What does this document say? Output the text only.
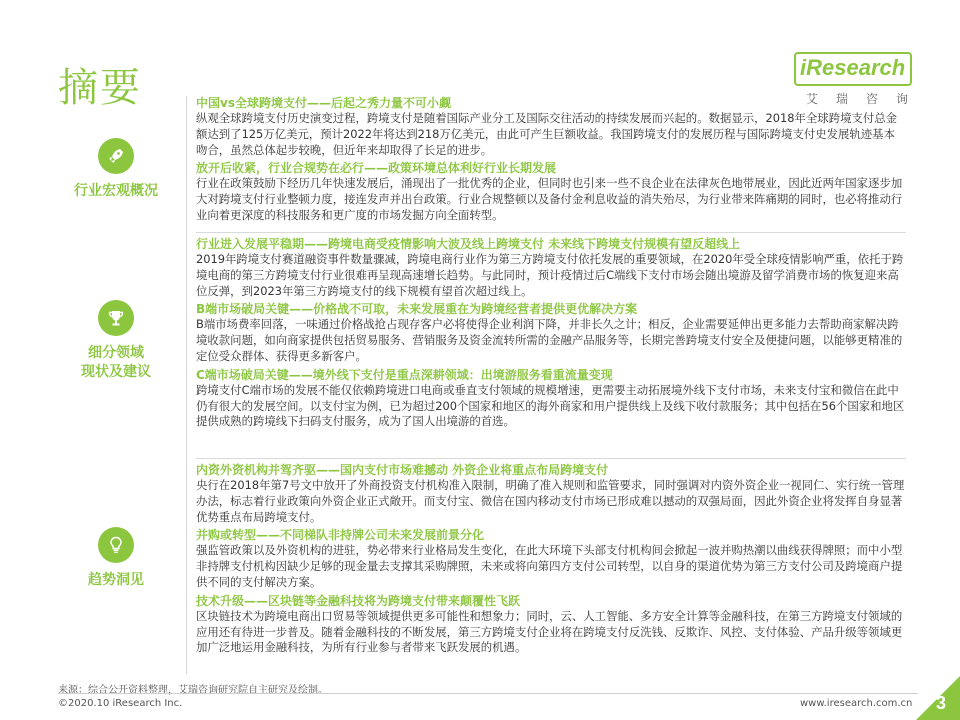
摘要	iResearch
艾瑞咨询
行业宏观概况
中国vs全球跨境支付——后起之秀力量不可小觑
纵观全球跨境支付历史演变过程，跨境支付是随着国际产业分工及国际交往活动的持续发展而兴起的。数据显示，2018年全球跨境支付总金额达到了125万亿美元，预计2022年将达到218万亿美元，由此可产生巨额收益。我国跨境支付的发展历程与国际跨境支付史发展轨迹基本吻合，虽然总体起步较晚，但近年来却取得了长足的进步。
放开后收紧，行业合规势在必行——政策环境总体利好行业长期发展
行业在政策鼓励下经历几年快速发展后，涌现出了一批优秀的企业，但同时也引来一些不良企业在法律灰色地带展业，因此近两年国家逐步加大对跨境支付行业整顿力度，接连发声并出台政策。行业合规整顿以及备付金利息收益的消失殆尽，为行业带来阵痛期的同时，也必将推动行业向着更深度的科技服务和更广度的市场发掘方向全面转型。
细分领域
现状及建议
行业进入发展平稳期——跨境电商受疫情影响大波及线上跨境支付 未来线下跨境支付规模有望反超线上
2019年跨境支付赛道融资事件数量骤减，跨境电商行业作为第三方跨境支付依托发展的重要领域，在2020年受全球疫情影响严重，依托于跨境电商的第三方跨境支付行业很难再呈现高速增长趋势。与此同时，预计疫情过后C端线下支付市场会随出境游及留学消费市场的恢复迎来高位反弹，到2023年第三方跨境支付的线下规模有望首次超过线上。
B端市场破局关键——价格战不可取，未来发展重在为跨境经营者提供更优解决方案
B端市场费率回落，一味通过价格战抢占现存客户必将使得企业利润下降，并非长久之计；相反，企业需要延伸出更多能力去帮助商家解决跨境收款问题，如向商家提供包括贸易服务、营销服务及资金流转所需的金融产品服务等，长期完善跨境支付安全及便捷问题，以能够更精准的定位受众群体、获得更多新客户。
C端市场破局关键——境外线下支付是重点深耕领域：出境游服务看重流量变现
跨境支付C端市场的发展不能仅依赖跨境进口电商或垂直支付领域的规模增速，更需要主动拓展境外线下支付市场，未来支付宝和微信在此中仍有很大的发展空间。以支付宝为例，已为超过200个国家和地区的海外商家和用户提供线上及线下收付款服务；其中包括在56个国家和地区提供成熟的跨境线下扫码支付服务，成为了国人出境游的首选。
趋势洞见
内资外资机构并驾齐驱——国内支付市场难撼动 外资企业将重点布局跨境支付
央行在2018年第7号文中放开了外商投资支付机构准入限制，明确了准入规则和监管要求，同时强调对内资外资企业一视同仁、实行统一管理办法，标志着行业政策向外资企业正式敞开。而支付宝、微信在国内移动支付市场已形成难以撼动的双强局面，因此外资企业将发挥自身显著优势重点布局跨境支付。
并购或转型——不同梯队非持牌公司未来发展前景分化
强监管政策以及外资机构的进驻，势必带来行业格局发生变化，在此大环境下头部支付机构间会掀起一波并购热潮以曲线获得牌照；而中小型非持牌支付机构因缺少足够的现金量去支撑其采购牌照，未来或将向第四方支付公司转型，以自身的渠道优势为第三方支付公司及跨境商户提供不同的支付解决方案。
技术升级——区块链等金融科技将为跨境支付带来颠覆性飞跃
区块链技术为跨境电商出口贸易等领域提供更多可能性和想象力；同时，云、人工智能、多方安全计算等金融科技，在第三方跨境支付领域的应用还有待进一步普及。随着金融科技的不断发展，第三方跨境支付企业将在跨境支付反洗钱、反欺诈、风控、支付体验、产品升级等领域更加广泛地运用金融科技，为所有行业参与者带来飞跃发展的机遇。
来源：综合公开资料整理，艾瑞咨询研究院自主研究及绘制。
©2020.10 iResearch Inc.	www.iresearch.com.cn 3
